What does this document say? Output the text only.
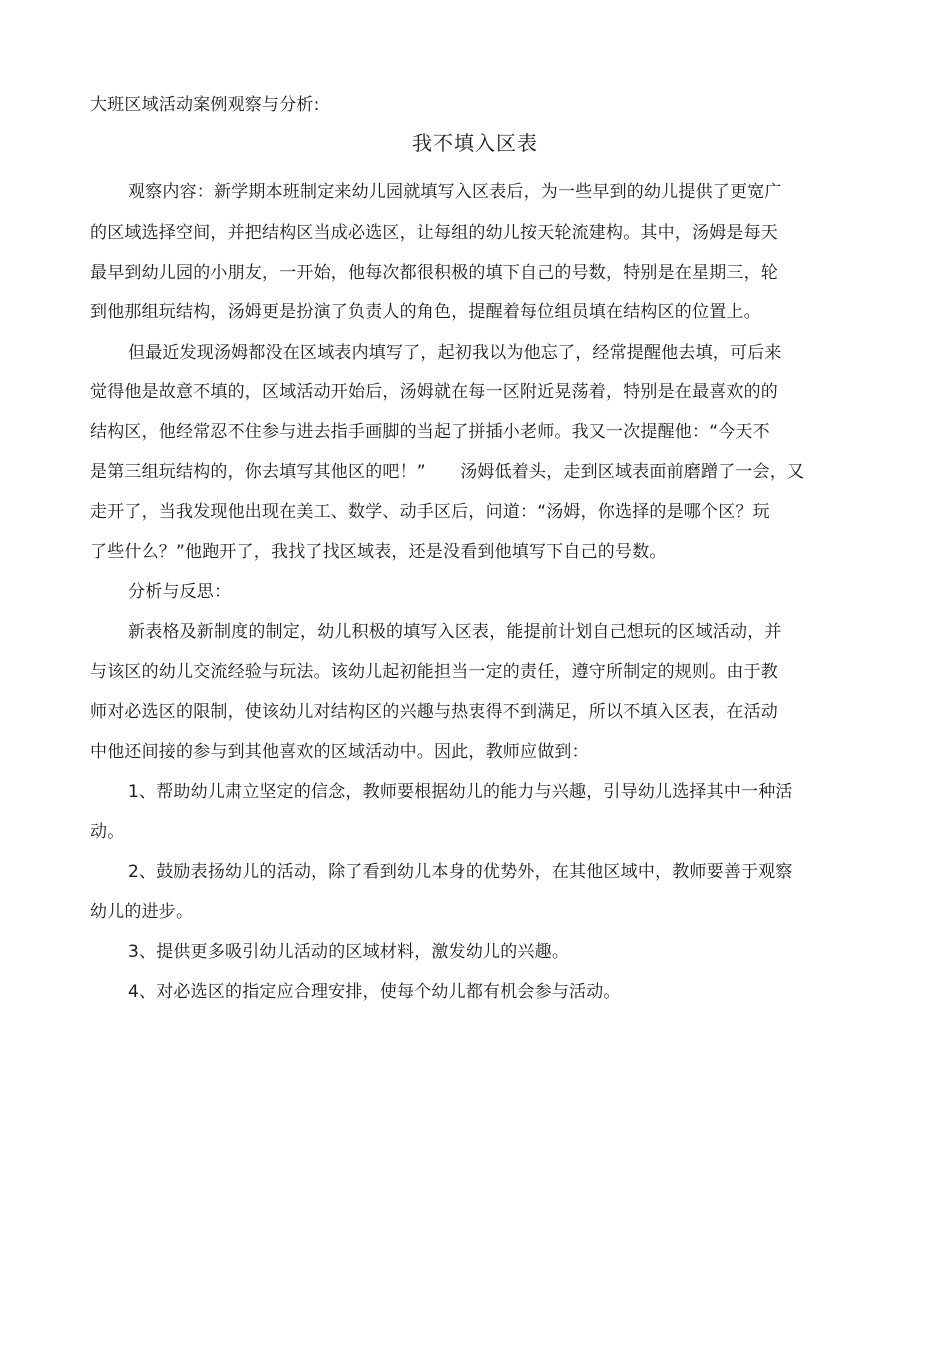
大班区域活动案例观察与分析:
我不填入区表
观察内容：新学期本班制定来幼儿园就填写入区表后，为一些早到的幼儿提供了更宽广
的区域选择空间，并把结构区当成必选区，让每组的幼儿按天轮流建构。其中，汤姆是每天
最早到幼儿园的小朋友，一开始，他每次都很积极的填下自己的号数，特别是在星期三，轮
到他那组玩结构，汤姆更是扮演了负责人的角色，提醒着每位组员填在结构区的位置上。
但最近发现汤姆都没在区域表内填写了，起初我以为他忘了，经常提醒他去填，可后来
觉得他是故意不填的，区域活动开始后，汤姆就在每一区附近晃荡着，特别是在最喜欢的的
结构区，他经常忍不住参与进去指手画脚的当起了拼插小老师。我又一次提醒他：“今天不
是第三组玩结构的，你去填写其他区的吧！”　　汤姆低着头，走到区域表面前磨蹭了一会，又
走开了，当我发现他出现在美工、数学、动手区后，问道：“汤姆，你选择的是哪个区？玩
了些什么？”他跑开了，我找了找区域表，还是没看到他填写下自己的号数。
分析与反思：
新表格及新制度的制定，幼儿积极的填写入区表，能提前计划自己想玩的区域活动，并
与该区的幼儿交流经验与玩法。该幼儿起初能担当一定的责任，遵守所制定的规则。由于教
师对必选区的限制，使该幼儿对结构区的兴趣与热衷得不到满足，所以不填入区表，在活动
中他还间接的参与到其他喜欢的区域活动中。因此，教师应做到：
1、帮助幼儿肃立坚定的信念，教师要根据幼儿的能力与兴趣，引导幼儿选择其中一种活
动。
2、鼓励表扬幼儿的活动，除了看到幼儿本身的优势外，在其他区域中，教师要善于观察
幼儿的进步。
3、提供更多吸引幼儿活动的区域材料，激发幼儿的兴趣。
4、对必选区的指定应合理安排，使每个幼儿都有机会参与活动。
